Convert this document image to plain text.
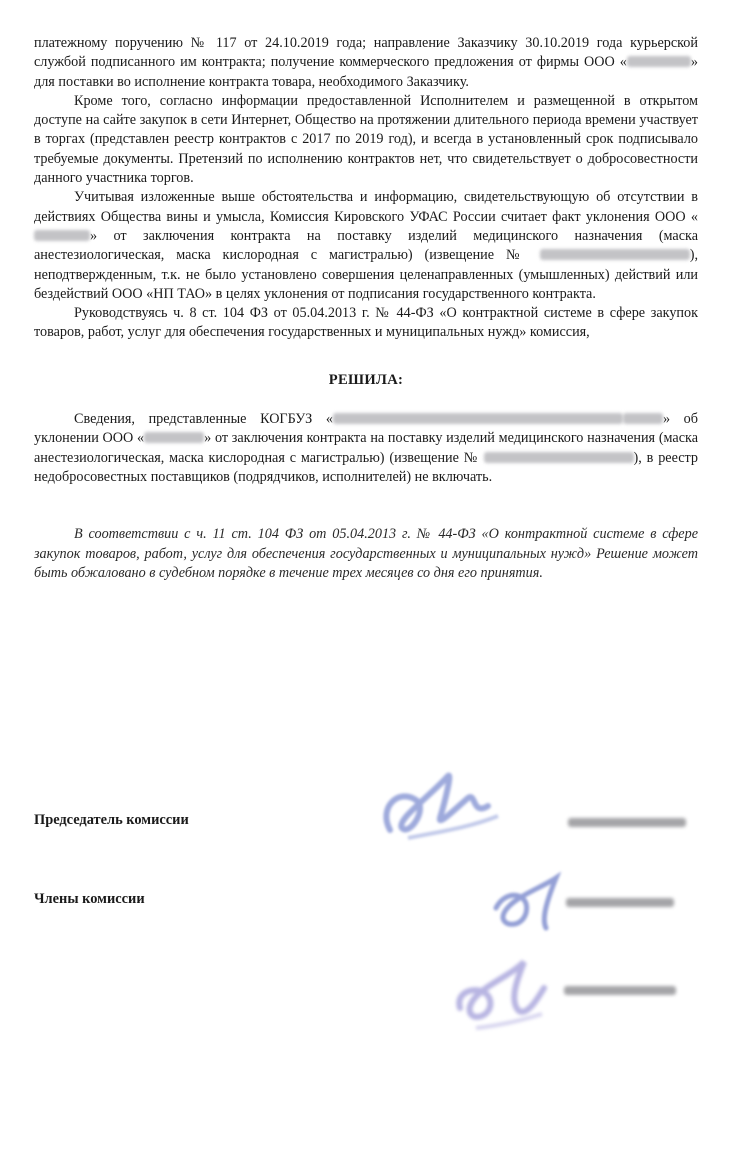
платежному поручению № 117 от 24.10.2019 года; направление Заказчику 30.10.2019 года курьерской службой подписанного им контракта; получение коммерческого предложения от фирмы ООО «	» для поставки во исполнение контракта товара, необходимого Заказчику.

Кроме того, согласно информации предоставленной Исполнителем и размещенной в открытом доступе на сайте закупок в сети Интернет, Общество на протяжении длительного периода времени участвует в торгах (представлен реестр контрактов с 2017 по 2019 год), и всегда в установленный срок подписывало требуемые документы. Претензий по исполнению контрактов нет, что свидетельствует о добросовестности данного участника торгов.

Учитывая изложенные выше обстоятельства и информацию, свидетельствующую об отсутствии в действиях Общества вины и умысла, Комиссия Кировского УФАС России считает факт уклонения ООО «» от заключения контракта на поставку изделий медицинского назначения (маска анестезиологическая, маска кислородная с магистралью) (извещение №	), неподтвержденным, т.к. не было установлено совершения целенаправленных (умышленных) действий или бездействий ООО «НП ТАО» в целях уклонения от подписания государственного контракта.

Руководствуясь ч. 8 ст. 104 ФЗ от 05.04.2013 г. № 44-ФЗ «О контрактной системе в сфере закупок товаров, работ, услуг для обеспечения государственных и муниципальных нужд» комиссия,

РЕШИЛА:

Сведения, представленные КОГБУЗ «	» об уклонении ООО «	» от заключения контракта на поставку изделий медицинского назначения (маска анестезиологическая, маска кислородная с магистралью) (извещение №	), в реестр недобросовестных поставщиков (подрядчиков, исполнителей) не включать.

В соответствии с ч. 11 ст. 104 ФЗ от 05.04.2013 г. № 44-ФЗ «О контрактной системе в сфере закупок товаров, работ, услуг для обеспечения государственных и муниципальных нужд» Решение может быть обжаловано в судебном порядке в течение трех месяцев со дня его принятия.

Председатель комиссии
Члены комиссии
